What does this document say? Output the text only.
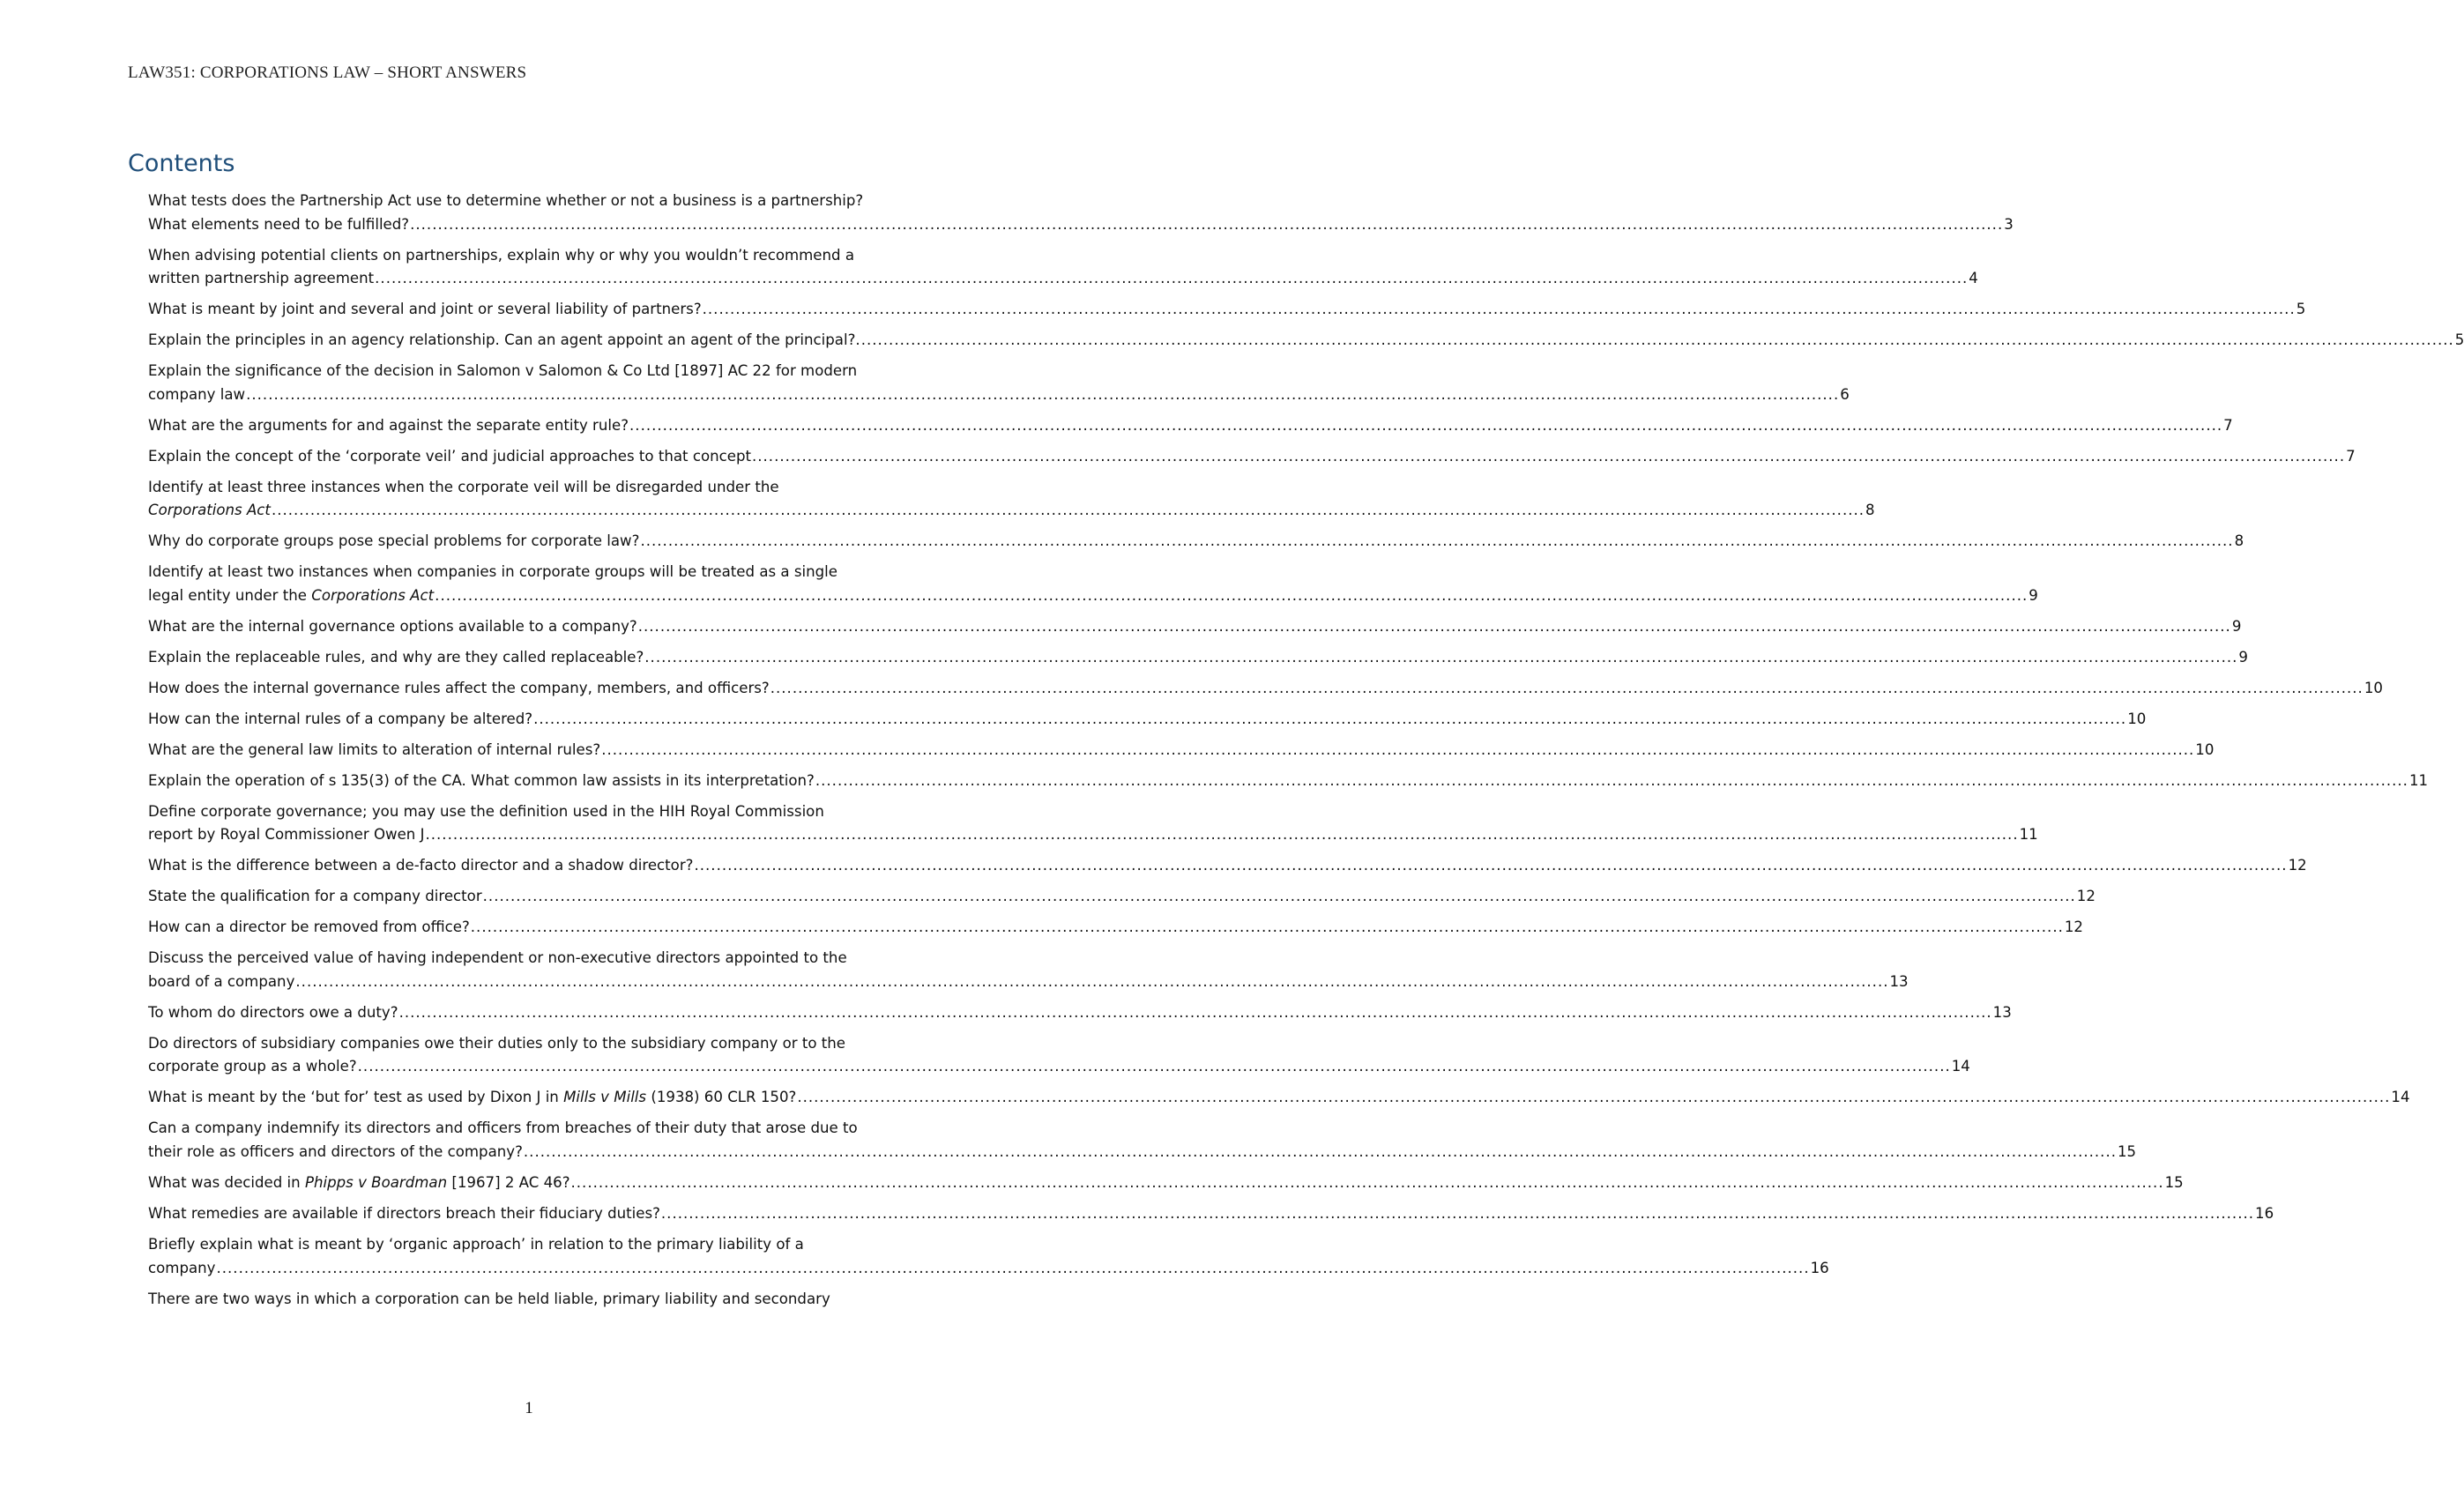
LAW351: CORPORATIONS LAW – SHORT ANSWERS
Contents
What tests does the Partnership Act use to determine whether or not a business is a partnership?
What elements need to be fulfilled? .....	3
When advising potential clients on partnerships, explain why or why you wouldn’t recommend a
written partnership agreement .....	4
What is meant by joint and several and joint or several liability of partners? .....	5
Explain the principles in an agency relationship. Can an agent appoint an agent of the principal?. .....	5
Explain the significance of the decision in Salomon v Salomon & Co Ltd [1897] AC 22 for modern
company law .....	6
What are the arguments for and against the separate entity rule? .....	7
Explain the concept of the ‘corporate veil’ and judicial approaches to that concept .....	7
Identify at least three instances when the corporate veil will be disregarded under the
Corporations Act .....	8
Why do corporate groups pose special problems for corporate law? .....	8
Identify at least two instances when companies in corporate groups will be treated as a single
legal entity under the Corporations Act .....	9
What are the internal governance options available to a company? .....	9
Explain the replaceable rules, and why are they called replaceable? .....	9
How does the internal governance rules affect the company, members, and officers? .....	10
How can the internal rules of a company be altered? .....	10
What are the general law limits to alteration of internal rules? .....	10
Explain the operation of s 135(3) of the CA. What common law assists in its interpretation? .....	11
Define corporate governance; you may use the definition used in the HIH Royal Commission
report by Royal Commissioner Owen J .....	11
What is the difference between a de-facto director and a shadow director? .....	12
State the qualification for a company director .....	12
How can a director be removed from office? .....	12
Discuss the perceived value of having independent or non-executive directors appointed to the
board of a company .....	13
To whom do directors owe a duty? .....	13
Do directors of subsidiary companies owe their duties only to the subsidiary company or to the
corporate group as a whole? .....	14
What is meant by the ‘but for’ test as used by Dixon J in Mills v Mills (1938) 60 CLR 150? .....	14
Can a company indemnify its directors and officers from breaches of their duty that arose due to
their role as officers and directors of the company? .....	15
What was decided in Phipps v Boardman [1967] 2 AC 46? .....	15
What remedies are available if directors breach their fiduciary duties? .....	16
Briefly explain what is meant by ‘organic approach’ in relation to the primary liability of a
company .....	16
There are two ways in which a corporation can be held liable, primary liability and secondary
1
